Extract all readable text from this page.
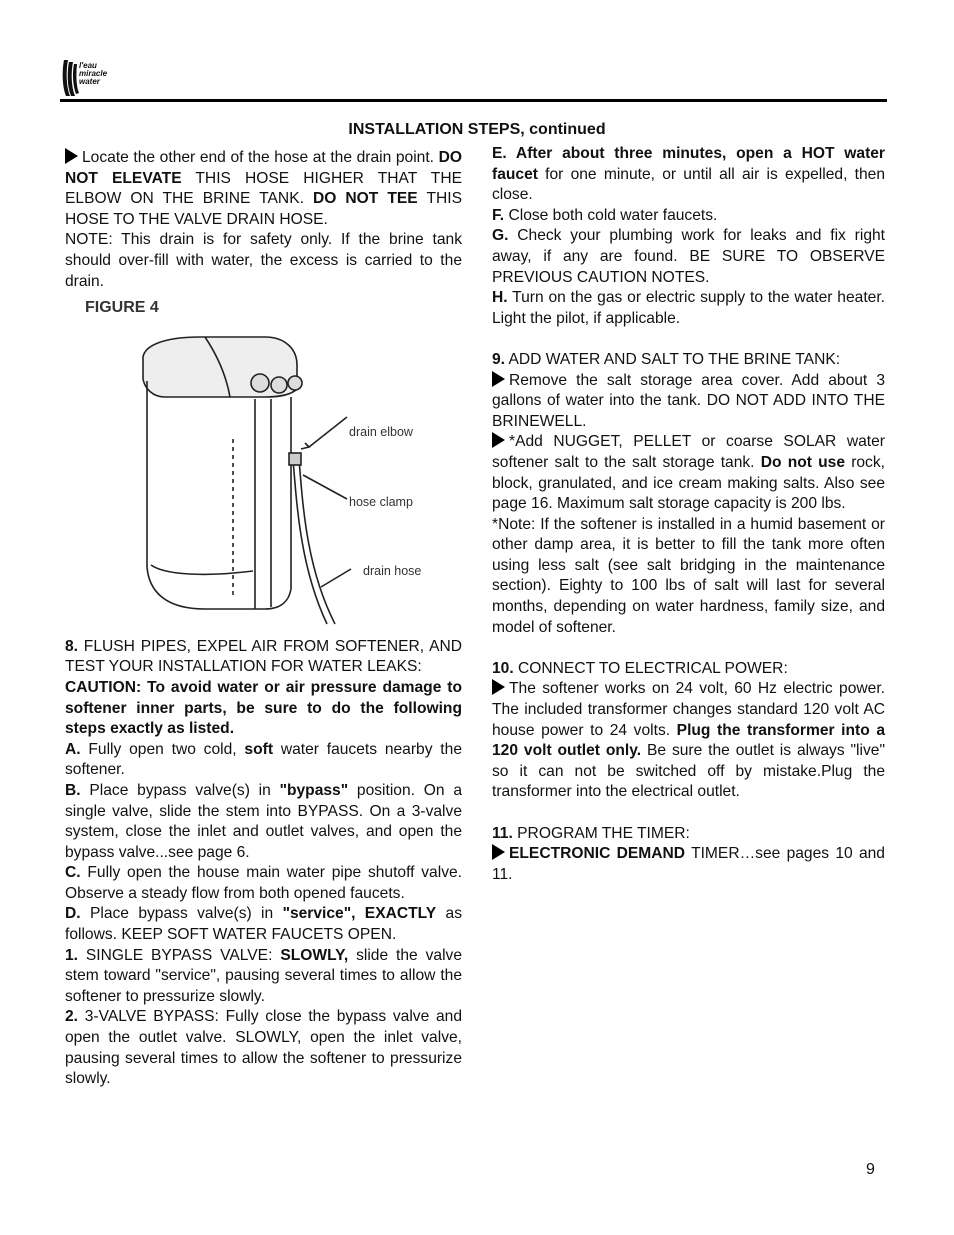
l'eau
miracle
water
INSTALLATION STEPS, continued

Locate the other end of the hose at the drain point. DO NOT ELEVATE THIS HOSE HIGHER THAT THE ELBOW ON THE BRINE TANK. DO NOT TEE THIS HOSE TO THE VALVE DRAIN HOSE.

NOTE: This drain is for safety only. If the brine tank should over-fill with water, the excess is carried to the drain.

FIGURE 4
drain elbow
hose clamp
drain hose

8. FLUSH PIPES, EXPEL AIR FROM SOFTENER, AND TEST YOUR INSTALLATION FOR WATER LEAKS:

CAUTION: To avoid water or air pressure damage to softener inner parts, be sure to do the following steps exactly as listed.

A. Fully open two cold, soft water faucets nearby the softener.

B. Place bypass valve(s) in "bypass" position. On a single valve, slide the stem into BYPASS. On a 3-valve system, close the inlet and outlet valves, and open the bypass valve...see page 6.

C. Fully open the house main water pipe shutoff valve. Observe a steady flow from both opened faucets.

D. Place bypass valve(s) in "service", EXACTLY as follows. KEEP SOFT WATER FAUCETS OPEN.

1. SINGLE BYPASS VALVE: SLOWLY, slide the valve stem toward "service", pausing several times to allow the softener to pressurize slowly.

2. 3-VALVE BYPASS: Fully close the bypass valve and open the outlet valve. SLOWLY, open the inlet valve, pausing several times to allow the softener to pressurize slowly.

E. After about three minutes, open a HOT water faucet for one minute, or until all air is expelled, then close.

F. Close both cold water faucets.

G. Check your plumbing work for leaks and fix right away, if any are found. BE SURE TO OBSERVE PREVIOUS CAUTION NOTES.

H. Turn on the gas or electric supply to the water heater. Light the pilot, if applicable.

9. ADD WATER AND SALT TO THE BRINE TANK:

Remove the salt storage area cover. Add about 3 gallons of water into the tank. DO NOT ADD INTO THE BRINEWELL.

*Add NUGGET, PELLET or coarse SOLAR water softener salt to the salt storage tank. Do not use rock, block, granulated, and ice cream making salts. Also see page 16. Maximum salt storage capacity is 200 lbs.

*Note: If the softener is installed in a humid basement or other damp area, it is better to fill the tank more often using less salt (see salt bridging in the maintenance section). Eighty to 100 lbs of salt will last for several months, depending on water hardness, family size, and model of softener.

10. CONNECT TO ELECTRICAL POWER:

The softener works on 24 volt, 60 Hz electric power. The included transformer changes standard 120 volt AC house power to 24 volts. Plug the transformer into a 120 volt outlet only. Be sure the outlet is always "live" so it can not be switched off by mistake.Plug the transformer into the electrical outlet.

11. PROGRAM THE TIMER:

ELECTRONIC DEMAND TIMER…see pages 10 and 11.

9
